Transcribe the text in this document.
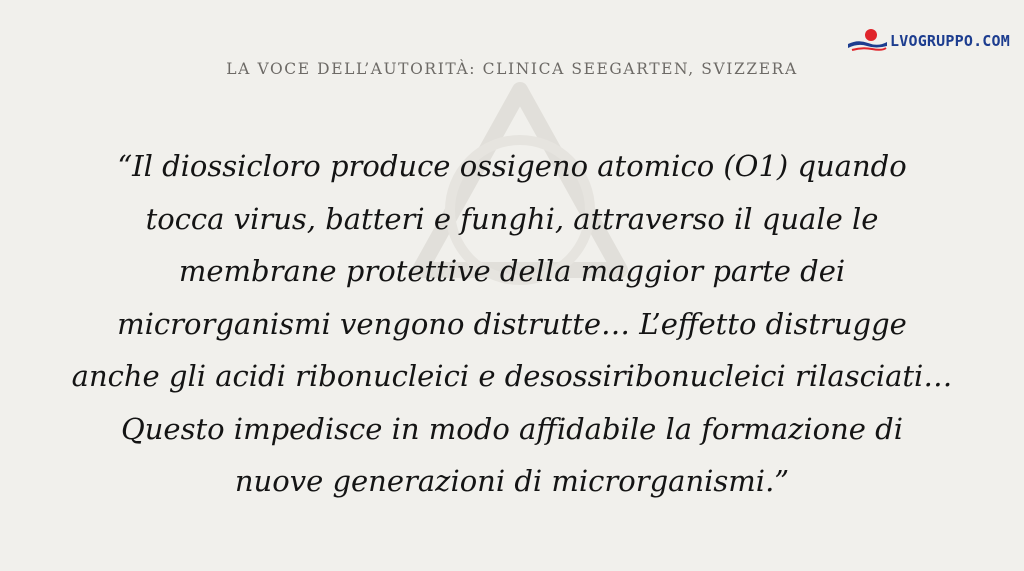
LVOGRUPPO.COM
LA VOCE DELL’AUTORITÀ: CLINICA SEEGARTEN, SVIZZERA
“Il diossicloro produce ossigeno atomico (O1) quando
tocca virus, batteri e funghi, attraverso il quale le
membrane protettive della maggior parte dei
microrganismi vengono distrutte… L’effetto distrugge
anche gli acidi ribonucleici e desossiribonucleici rilasciati…
Questo impedisce in modo affidabile la formazione di
nuove generazioni di microrganismi.”
